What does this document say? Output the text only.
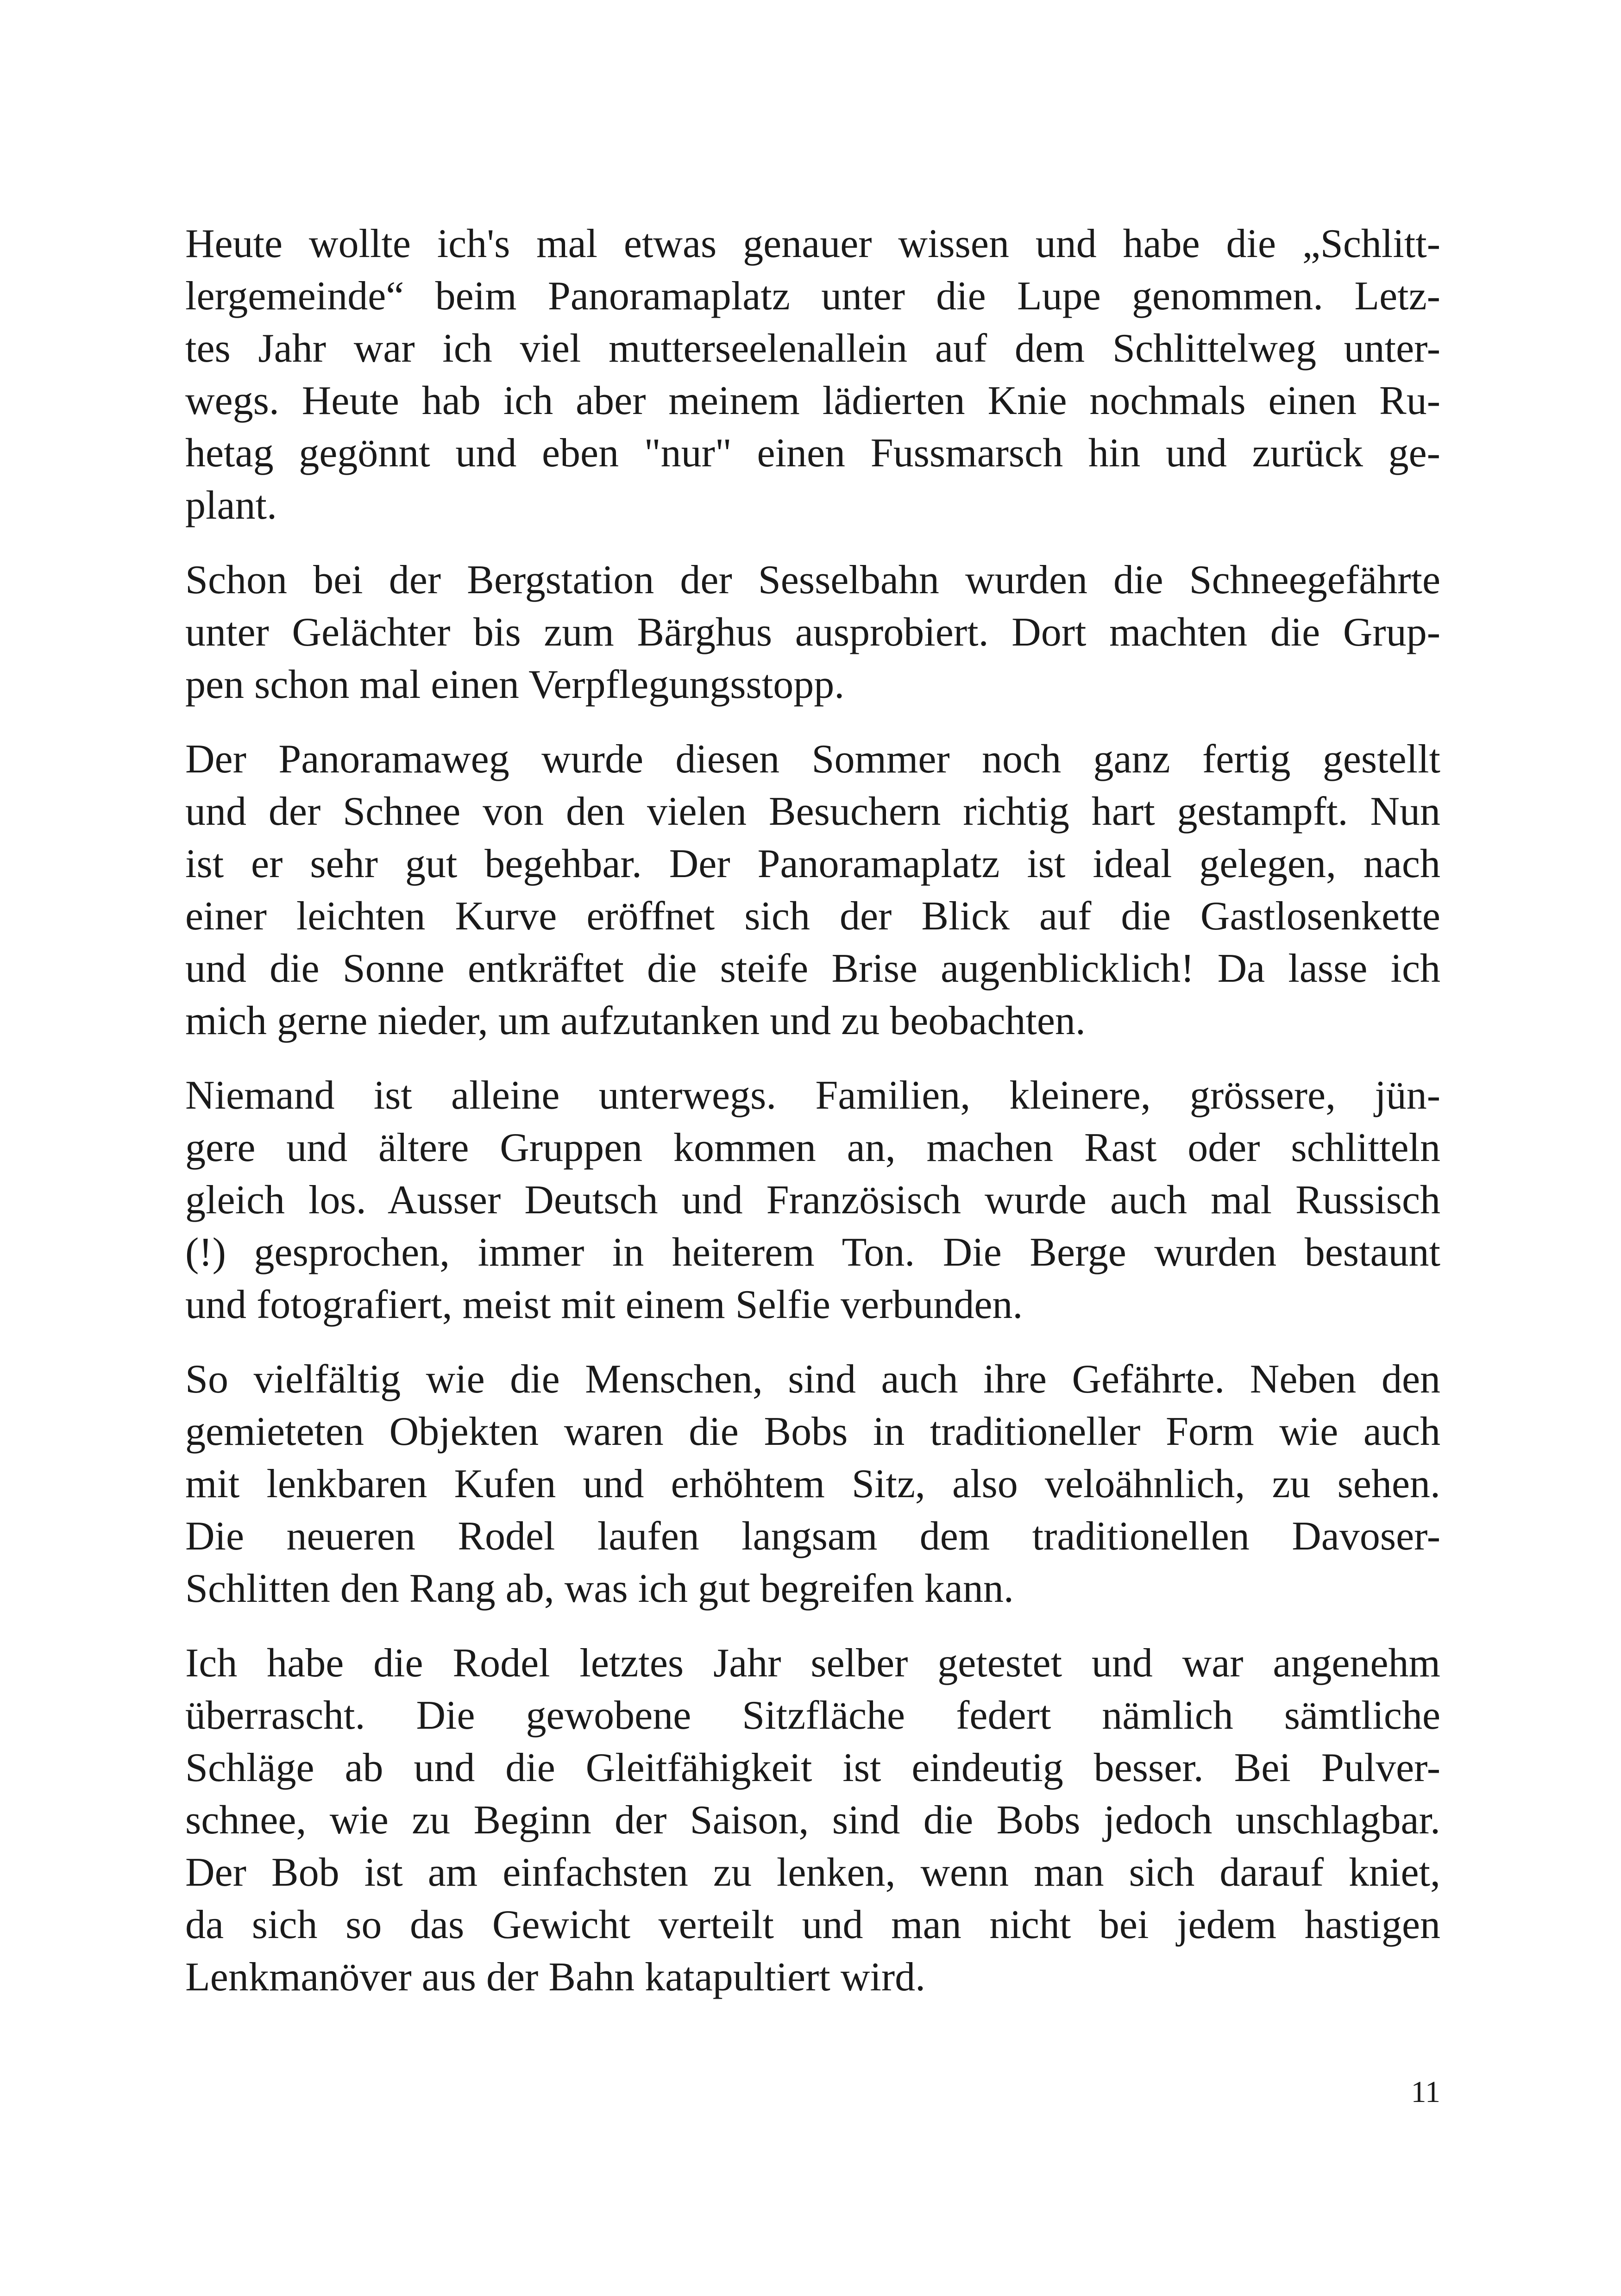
Heute wollte ich's mal etwas genauer wissen und habe die „Schlitt-
lergemeinde“ beim Panoramaplatz unter die Lupe genommen. Letz-
tes Jahr war ich viel mutterseelenallein auf dem Schlittelweg unter-
wegs. Heute hab ich aber meinem lädierten Knie nochmals einen Ru-
hetag gegönnt und eben "nur" einen Fussmarsch hin und zurück ge-
plant.

Schon bei der Bergstation der Sesselbahn wurden die Schneegefährte
unter Gelächter bis zum Bärghus ausprobiert. Dort machten die Grup-
pen schon mal einen Verpflegungsstopp.

Der Panoramaweg wurde diesen Sommer noch ganz fertig gestellt
und der Schnee von den vielen Besuchern richtig hart gestampft. Nun
ist er sehr gut begehbar. Der Panoramaplatz ist ideal gelegen, nach
einer leichten Kurve eröffnet sich der Blick auf die Gastlosenkette
und die Sonne entkräftet die steife Brise augenblicklich! Da lasse ich
mich gerne nieder, um aufzutanken und zu beobachten.

Niemand ist alleine unterwegs. Familien, kleinere, grössere, jün-
gere und ältere Gruppen kommen an, machen Rast oder schlitteln
gleich los. Ausser Deutsch und Französisch wurde auch mal Russisch
(!) gesprochen, immer in heiterem Ton. Die Berge wurden bestaunt
und fotografiert, meist mit einem Selfie verbunden.

So vielfältig wie die Menschen, sind auch ihre Gefährte. Neben den
gemieteten Objekten waren die Bobs in traditioneller Form wie auch
mit lenkbaren Kufen und erhöhtem Sitz, also veloähnlich, zu sehen.
Die neueren Rodel laufen langsam dem traditionellen Davoser-
Schlitten den Rang ab, was ich gut begreifen kann.

Ich habe die Rodel letztes Jahr selber getestet und war angenehm
überrascht. Die gewobene Sitzfläche federt nämlich sämtliche
Schläge ab und die Gleitfähigkeit ist eindeutig besser. Bei Pulver-
schnee, wie zu Beginn der Saison, sind die Bobs jedoch unschlagbar.
Der Bob ist am einfachsten zu lenken, wenn man sich darauf kniet,
da sich so das Gewicht verteilt und man nicht bei jedem hastigen
Lenkmanöver aus der Bahn katapultiert wird.

11
